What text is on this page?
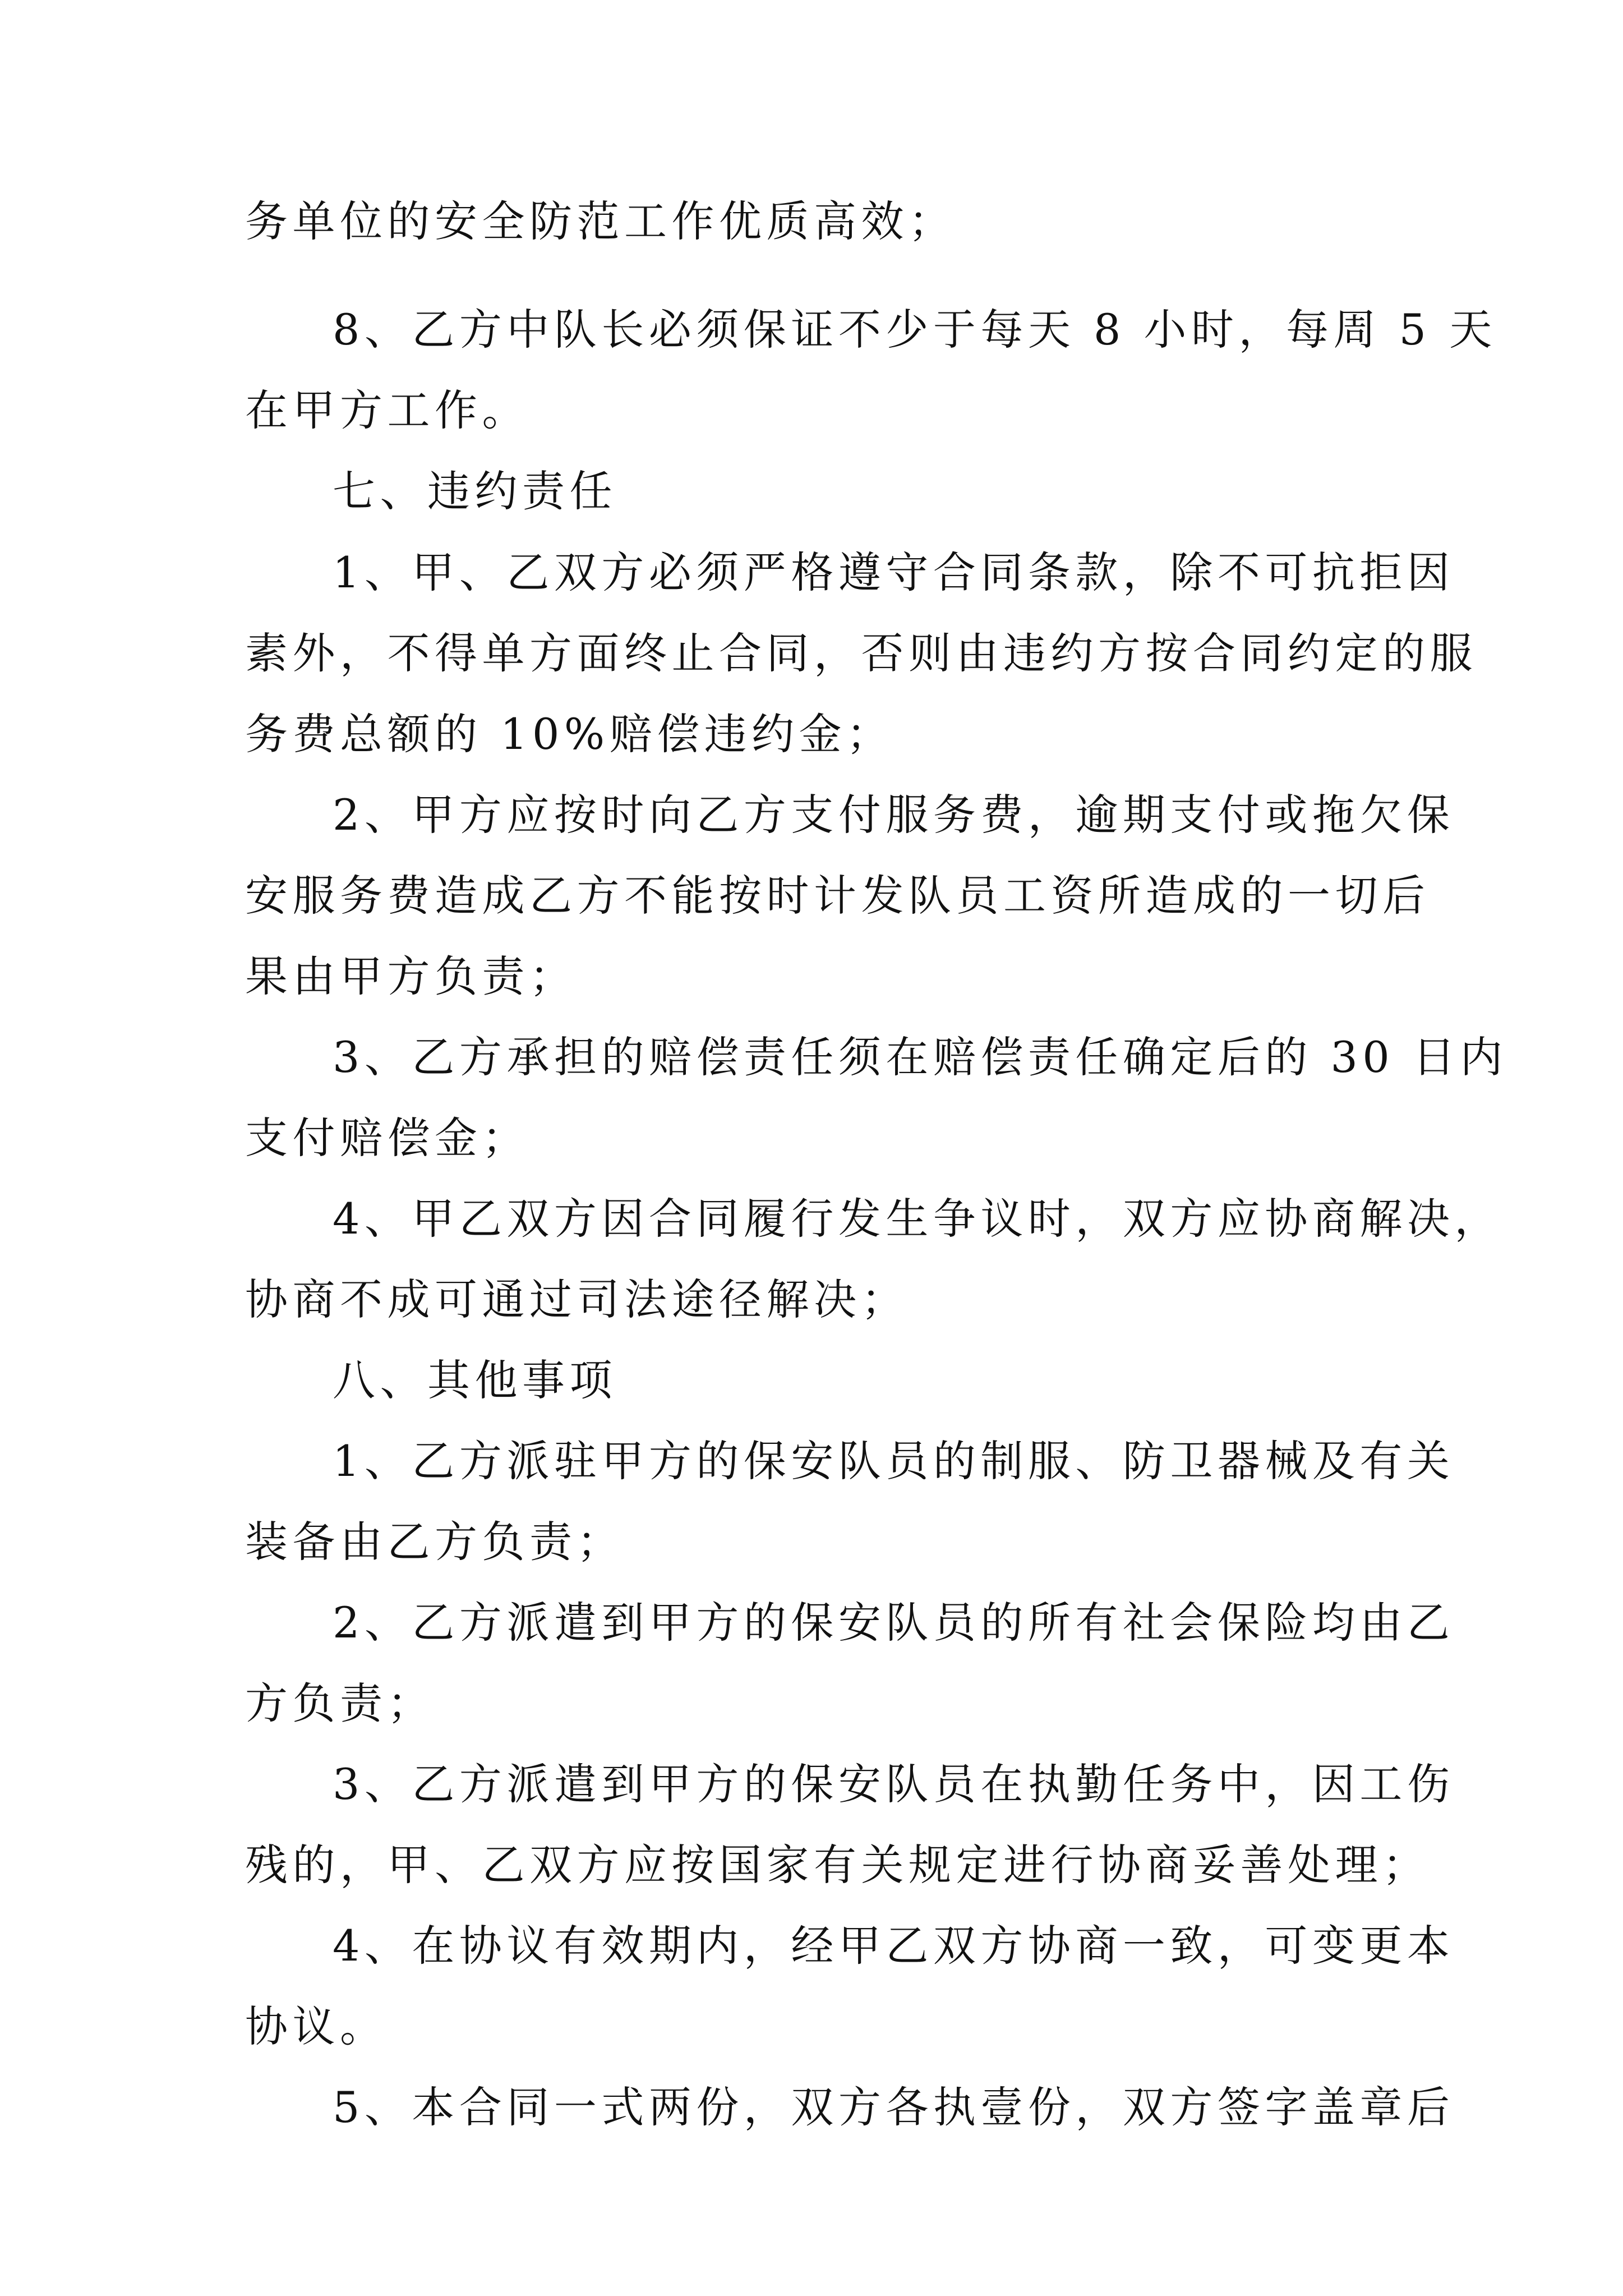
务单位的安全防范工作优质高效；
8、乙方中队长必须保证不少于每天 8 小时，每周 5 天
在甲方工作。
七、违约责任
1、甲、乙双方必须严格遵守合同条款，除不可抗拒因
素外，不得单方面终止合同，否则由违约方按合同约定的服
务费总额的 10%赔偿违约金；
2、甲方应按时向乙方支付服务费，逾期支付或拖欠保
安服务费造成乙方不能按时计发队员工资所造成的一切后
果由甲方负责；
3、乙方承担的赔偿责任须在赔偿责任确定后的 30 日内
支付赔偿金；
4、甲乙双方因合同履行发生争议时，双方应协商解决，
协商不成可通过司法途径解决；
八、其他事项
1、乙方派驻甲方的保安队员的制服、防卫器械及有关
装备由乙方负责；
2、乙方派遣到甲方的保安队员的所有社会保险均由乙
方负责；
3、乙方派遣到甲方的保安队员在执勤任务中，因工伤
残的，甲、乙双方应按国家有关规定进行协商妥善处理；
4、在协议有效期内，经甲乙双方协商一致，可变更本
协议。
5、本合同一式两份，双方各执壹份，双方签字盖章后
